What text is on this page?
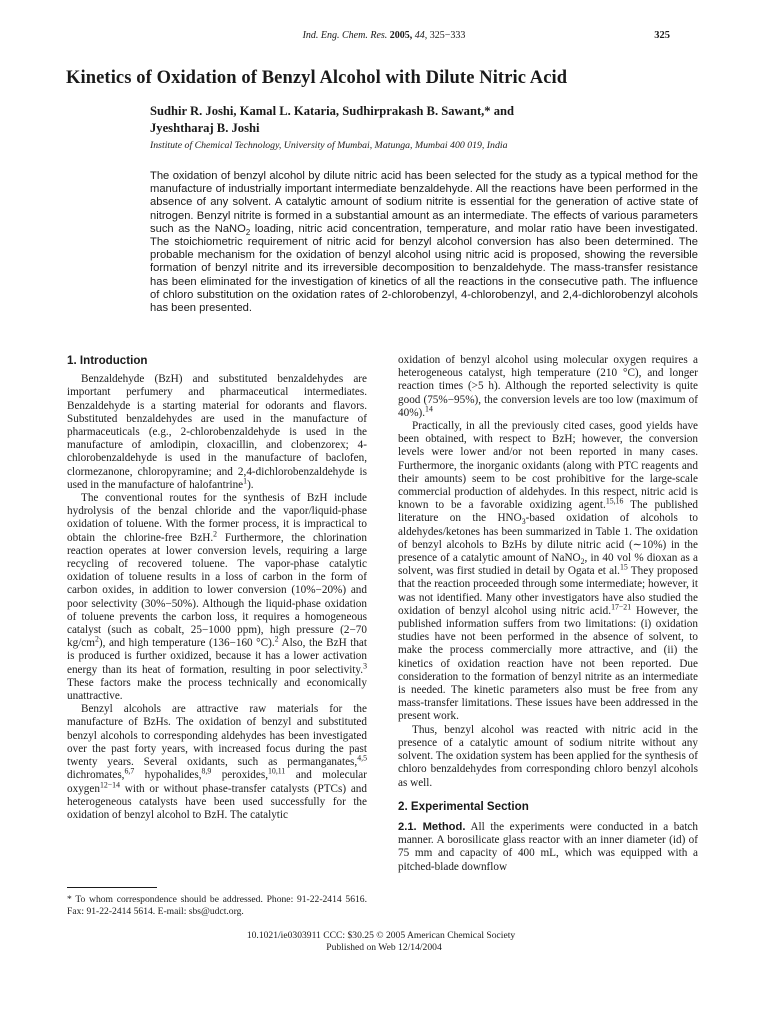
Ind. Eng. Chem. Res. 2005, 44, 325−333	325
Kinetics of Oxidation of Benzyl Alcohol with Dilute Nitric Acid
Sudhir R. Joshi, Kamal L. Kataria, Sudhirprakash B. Sawant,* and
Jyeshtharaj B. Joshi
Institute of Chemical Technology, University of Mumbai, Matunga, Mumbai 400 019, India
The oxidation of benzyl alcohol by dilute nitric acid has been selected for the study as a typical method for the manufacture of industrially important intermediate benzaldehyde. All the reactions have been performed in the absence of any solvent. A catalytic amount of sodium nitrite is essential for the generation of active state of nitrogen. Benzyl nitrite is formed in a substantial amount as an intermediate. The effects of various parameters such as the NaNO$_2$ loading, nitric acid concentration, temperature, and molar ratio have been investigated. The stoichiometric requirement of nitric acid for benzyl alcohol conversion has also been determined. The probable mechanism for the oxidation of benzyl alcohol using nitric acid is proposed, showing the reversible formation of benzyl nitrite and its irreversible decomposition to benzaldehyde. The mass-transfer resistance has been eliminated for the investigation of kinetics of all the reactions in the consecutive path. The influence of chloro substitution on the oxidation rates of 2-chlorobenzyl, 4-chlorobenzyl, and 2,4-dichlorobenzyl alcohols has been presented.
1. Introduction

Benzaldehyde (BzH) and substituted benzaldehydes are important perfumery and pharmaceutical intermediates. Benzaldehyde is a starting material for odorants and flavors. Substituted benzaldehydes are used in the manufacture of pharmaceuticals (e.g., 2-chlorobenzaldehyde is used in the manufacture of amlodipin, cloxacillin, and clobenzorex; 4-chlorobenzaldehyde is used in the manufacture of baclofen, clormezanone, chloropyramine; and 2,4-dichlorobenzaldehyde is used in the manufacture of halofantrine$^1$).

The conventional routes for the synthesis of BzH include hydrolysis of the benzal chloride and the vapor/liquid-phase oxidation of toluene. With the former process, it is impractical to obtain the chlorine-free BzH.$^2$ Furthermore, the chlorination reaction operates at lower conversion levels, requiring a large recycling of recovered toluene. The vapor-phase catalytic oxidation of toluene results in a loss of carbon in the form of carbon oxides, in addition to lower conversion (10%−20%) and poor selectivity (30%−50%). Although the liquid-phase oxidation of toluene prevents the carbon loss, it requires a homogeneous catalyst (such as cobalt, 25−1000 ppm), high pressure (2−70 $kg/cm^2$), and high temperature (136−160 °C).$^2$ Also, the BzH that is produced is further oxidized, because it has a lower activation energy than its heat of formation, resulting in poor selectivity.$^3$ These factors make the process technically and economically unattractive.

Benzyl alcohols are attractive raw materials for the manufacture of BzHs. The oxidation of benzyl and substituted benzyl alcohols to corresponding aldehydes has been investigated over the past forty years, with increased focus during the past twenty years. Several oxidants, such as permanganates,$^{4,5}$ dichromates,$^{6,7}$ hypohalides,$^{8,9}$ peroxides,$^{10,11}$ and molecular oxygen$^{12-14}$ with or without phase-transfer catalysts (PTCs) and heterogeneous catalysts have been used successfully for the oxidation of benzyl alcohol to BzH. The catalytic

oxidation of benzyl alcohol using molecular oxygen requires a heterogeneous catalyst, high temperature (210 °C), and longer reaction times (>5 h). Although the reported selectivity is quite good (75%−95%), the conversion levels are too low (maximum of 40%).$^{14}$

Practically, in all the previously cited cases, good yields have been obtained, with respect to BzH; however, the conversion levels were lower and/or not been reported in many cases. Furthermore, the inorganic oxidants (along with PTC reagents and their amounts) seem to be cost prohibitive for the large-scale commercial production of aldehydes. In this respect, nitric acid is known to be a favorable oxidizing agent.$^{15,16}$ The published literature on the $HNO_3$-based oxidation of alcohols to aldehydes/ketones has been summarized in Table 1. The oxidation of benzyl alcohols to BzHs by dilute nitric acid (∼10%) in the presence of a catalytic amount of NaNO$_2$, in 40 vol % dioxan as a solvent, was first studied in detail by Ogata et al.$^{15}$ They proposed that the reaction proceeded through some intermediate; however, it was not identified. Many other investigators have also studied the oxidation of benzyl alcohol using nitric acid.$^{17-21}$ However, the published information suffers from two limitations: (i) oxidation studies have not been performed in the absence of solvent, to make the process commercially more attractive, and (ii) the kinetics of oxidation reaction have not been reported. Due consideration to the formation of benzyl nitrite as an intermediate is needed. The kinetic parameters also must be free from any mass-transfer limitations. These issues have been addressed in the present work.

Thus, benzyl alcohol was reacted with nitric acid in the presence of a catalytic amount of sodium nitrite without any solvent. The oxidation system has been applied for the synthesis of chloro benzaldehydes from corresponding chloro benzyl alcohols as well.

2. Experimental Section

2.1. Method. All the experiments were conducted in a batch manner. A borosilicate glass reactor with an inner diameter (id) of 75 mm and capacity of 400 mL, which was equipped with a pitched-blade downflow

* To whom correspondence should be addressed. Phone: 91-22-2414 5616. Fax: 91-22-2414 5614. E-mail: sbs@udct.org.
10.1021/ie0303911 CCC: $30.25 © 2005 American Chemical Society
Published on Web 12/14/2004
